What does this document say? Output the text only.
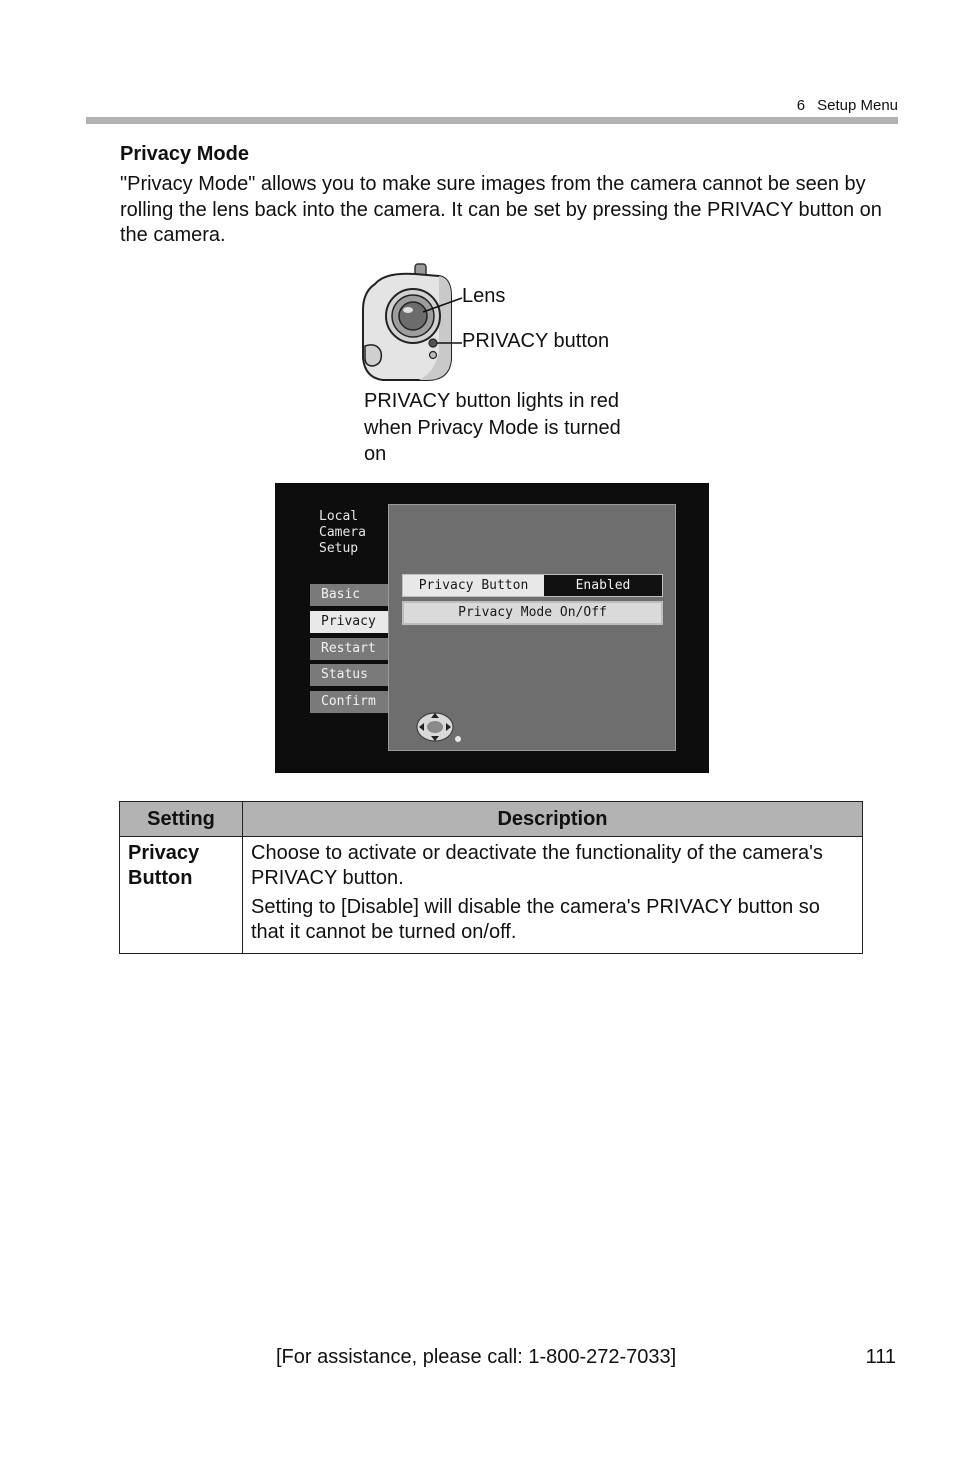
6 Setup Menu
Privacy Mode
"Privacy Mode" allows you to make sure images from the camera cannot be seen by rolling the lens back into the camera. It can be set by pressing the PRIVACY button on the camera.
Lens
PRIVACY button
PRIVACY button lights in red when Privacy Mode is turned on
Local
Camera
Setup
Basic
Privacy
Restart
Status
Confirm
Privacy Button	Enabled
Privacy Mode On/Off
Setting	Description
Privacy Button	Choose to activate or deactivate the functionality of the camera's PRIVACY button.

Setting to [Disable] will disable the camera's PRIVACY button so that it cannot be turned on/off.

[For assistance, please call: 1-800-272-7033]	111
